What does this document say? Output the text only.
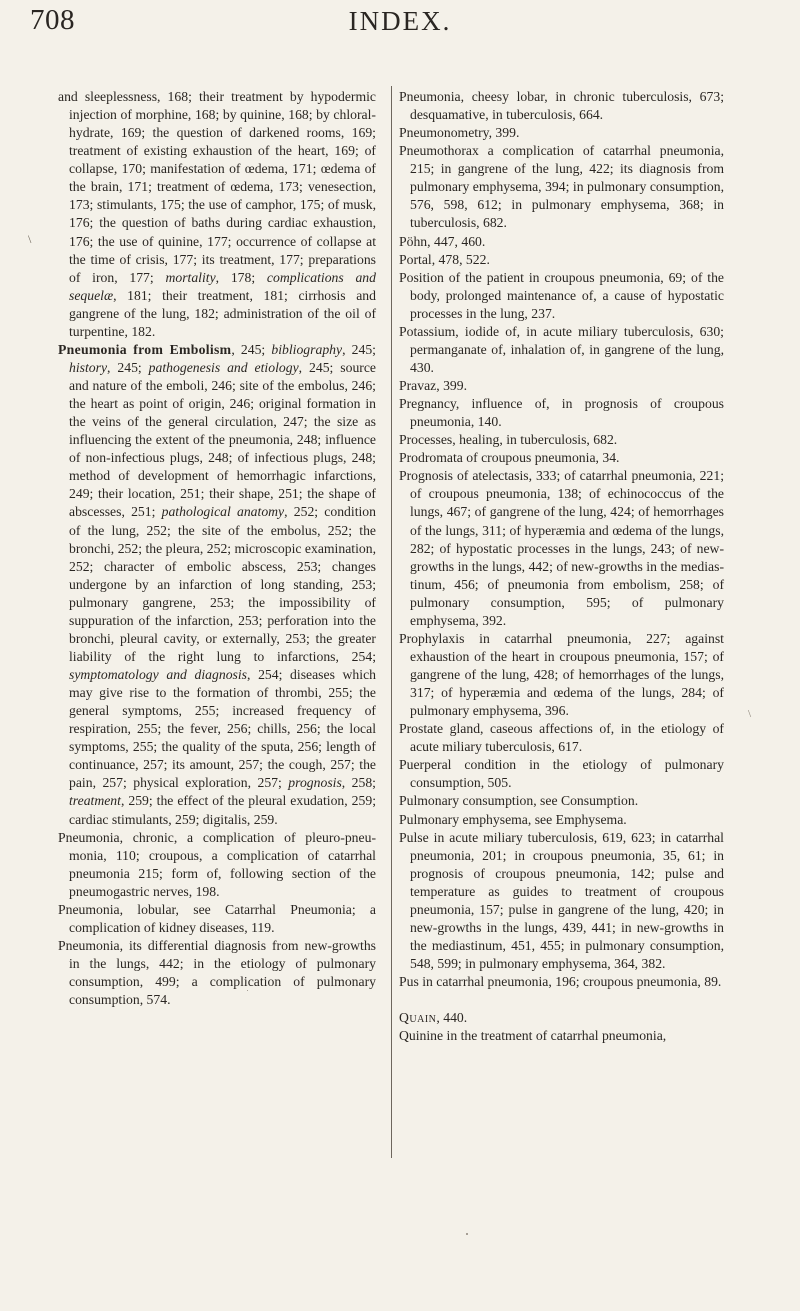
708	INDEX.
\
\

and sleeplessness, 168; their treatment by hypodermic injection of morphine, 168; by quinine, 168; by chloral-hydrate, 169; the question of darkened rooms, 169; treatment of existing exhaustion of the heart, 169; of collapse, 170; manifestation of œdema, 171; œdema of the brain, 171; treatment of œdema, 173; venesection, 173; stimulants, 175; the use of camphor, 175; of musk, 176; the question of baths during cardiac exhaustion, 176; the use of quinine, 177; occurrence of collapse at the time of crisis, 177; its treatment, 177; preparations of iron, 177; mortality, 178; complications and sequelæ, 181; their treatment, 181; cirrhosis and gangrene of the lung, 182; administration of the oil of turpentine, 182.

Pneumonia from Embolism, 245; bibliography, 245; history, 245; pathogenesis and etiology, 245; source and nature of the emboli, 246; site of the embolus, 246; the heart as point of origin, 246; original formation in the veins of the general circulation, 247; the size as influencing the extent of the pneumonia, 248; influence of non-infectious plugs, 248; of infectious plugs, 248; method of development of hemorrhagic infarctions, 249; their location, 251; their shape, 251; the shape of abscesses, 251; pathological anatomy, 252; condition of the lung, 252; the site of the embolus, 252; the bronchi, 252; the pleura, 252; microscopic examination, 252; character of embolic abscess, 253; changes undergone by an infarction of long standing, 253; pulmonary gangrene, 253; the impossibility of suppuration of the infarction, 253; perforation into the bronchi, pleural cavity, or externally, 253; the greater liability of the right lung to infarctions, 254; symptomatology and diagnosis, 254; diseases which may give rise to the formation of thrombi, 255; the general symptoms, 255; increased frequency of respiration, 255; the fever, 256; chills, 256; the local symptoms, 255; the quality of the sputa, 256; length of continuance, 257; its amount, 257; the cough, 257; the pain, 257; physical exploration, 257; prognosis, 258; treatment, 259; the effect of the pleural exudation, 259; cardiac stimulants, 259; digitalis, 259.

Pneumonia, chronic, a complication of pleuro-pneumonia, 110; croupous, a complication of catarrhal pneumonia 215; form of, following section of the pneumogastric nerves, 198.

Pneumonia, lobular, see Catarrhal Pneumonia; a complication of kidney diseases, 119.

Pneumonia, its differential diagnosis from new-growths in the lungs, 442; in the etiology of pulmonary consumption, 499; a complication of pulmonary consumption, 574.

Pneumonia, cheesy lobar, in chronic tuberculosis, 673; desquamative, in tuberculosis, 664.

Pneumonometry, 399.

Pneumothorax a complication of catarrhal pneumonia, 215; in gangrene of the lung, 422; its diagnosis from pulmonary emphysema, 394; in pulmonary consumption, 576, 598, 612; in pulmonary emphysema, 368; in tuberculosis, 682.

Pöhn, 447, 460.

Portal, 478, 522.

Position of the patient in croupous pneumonia, 69; of the body, prolonged maintenance of, a cause of hypostatic processes in the lung, 237.

Potassium, iodide of, in acute miliary tuberculosis, 630; permanganate of, inhalation of, in gangrene of the lung, 430.

Pravaz, 399.

Pregnancy, influence of, in prognosis of croupous pneumonia, 140.

Processes, healing, in tuberculosis, 682.

Prodromata of croupous pneumonia, 34.

Prognosis of atelectasis, 333; of catarrhal pneumonia, 221; of croupous pneumonia, 138; of echinococcus of the lungs, 467; of gangrene of the lung, 424; of hemorrhages of the lungs, 311; of hyperæmia and œdema of the lungs, 282; of hypostatic processes in the lungs, 243; of new-growths in the lungs, 442; of new-growths in the mediastinum, 456; of pneumonia from embolism, 258; of pulmonary consumption, 595; of pulmonary emphysema, 392.

Prophylaxis in catarrhal pneumonia, 227; against exhaustion of the heart in croupous pneumonia, 157; of gangrene of the lung, 428; of hemorrhages of the lungs, 317; of hyperæmia and œdema of the lungs, 284; of pulmonary emphysema, 396.

Prostate gland, caseous affections of, in the etiology of acute miliary tuberculosis, 617.

Puerperal condition in the etiology of pulmonary consumption, 505.

Pulmonary consumption, see Consumption.

Pulmonary emphysema, see Emphysema.

Pulse in acute miliary tuberculosis, 619, 623; in catarrhal pneumonia, 201; in croupous pneumonia, 35, 61; in prognosis of croupous pneumonia, 142; pulse and temperature as guides to treatment of croupous pneumonia, 157; pulse in gangrene of the lung, 420; in new-growths in the lungs, 439, 441; in new-growths in the mediastinum, 451, 455; in pulmonary consumption, 548, 599; in pulmonary emphysema, 364, 382.

Pus in catarrhal pneumonia, 196; croupous pneumonia, 89.

Quain, 440.

Quinine in the treatment of catarrhal pneumonia,
